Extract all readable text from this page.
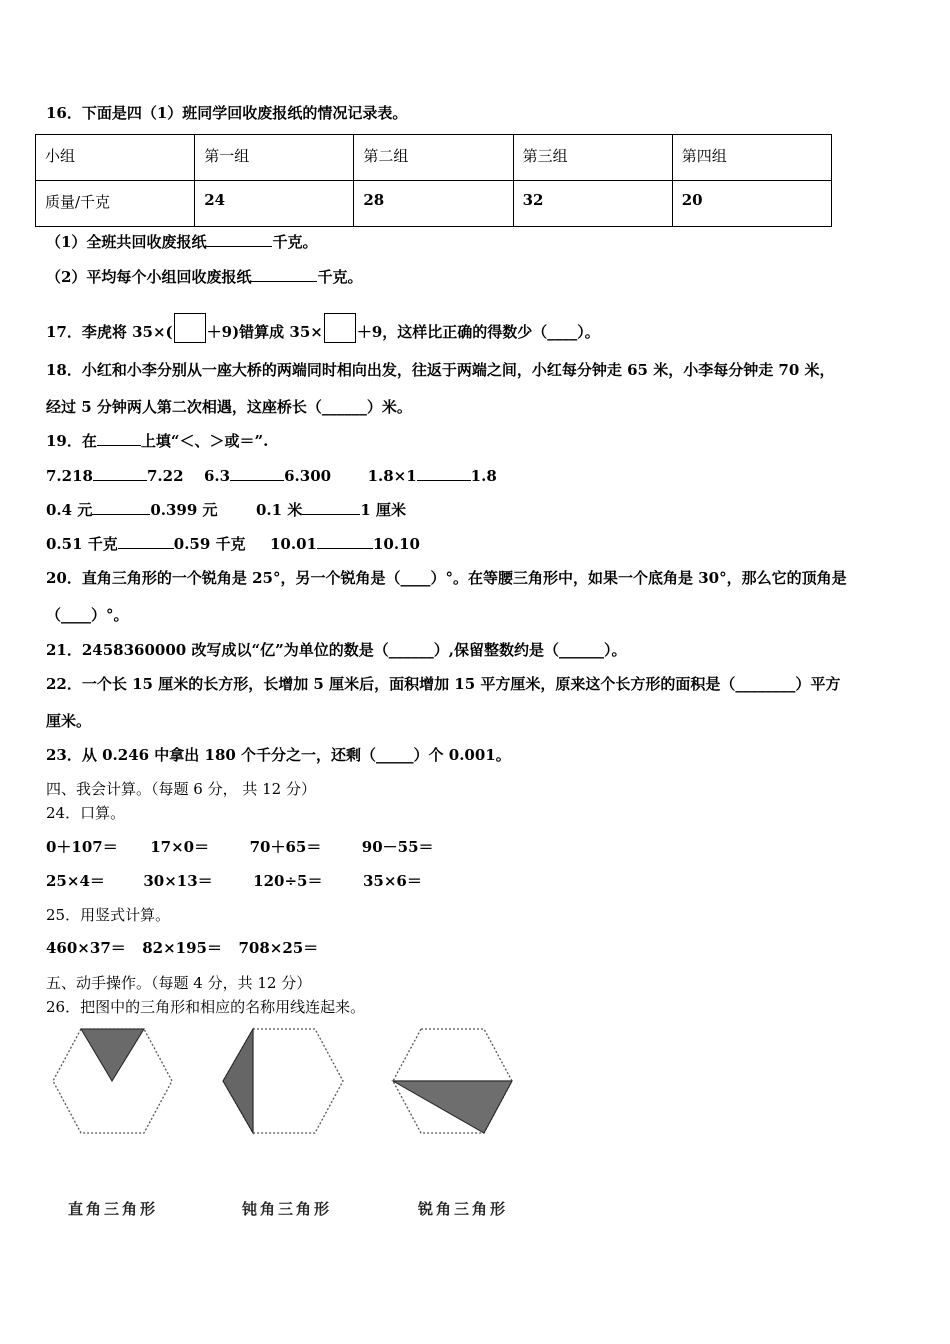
16．下面是四（1）班同学回收废报纸的情况记录表。
小组	第一组	第二组	第三组	第四组
质量/千克	24	28	32	20
（1）全班共回收废报纸	千克。
（2）平均每个小组回收废报纸	千克。
17．李虎将 35×( ＋9)错算成 35× ＋9，这样比正确的得数少（____）。
18．小红和小李分别从一座大桥的两端同时相向出发，往返于两端之间，小红每分钟走 65 米，小李每分钟走 70 米，
经过 5 分钟两人第二次相遇，这座桥长（______）米。
19．在	上填“＜、＞或＝”.
7.218	7.22 6.3	6.300 1.8×1	1.8
0.4 元	0.399 元	0.1 米	1 厘米
0.51 千克	0.59 千克 10.01	10.10
20．直角三角形的一个锐角是 25°，另一个锐角是（____）°。在等腰三角形中，如果一个底角是 30°，那么它的顶角是
（____）°。
21．2458360000 改写成以“亿”为单位的数是（______）,保留整数约是（______）。
22．一个长 15 厘米的长方形，长增加 5 厘米后，面积增加 15 平方厘米，原来这个长方形的面积是（________）平方
厘米。
23．从 0.246 中拿出 180 个千分之一，还剩（_____）个 0.001。
四、我会计算。（每题 6 分， 共 12 分）
24．口算。
0＋107＝ 17×0＝	70＋65＝	90－55＝
25×4＝	30×13＝	120÷5＝	35×6＝
25．用竖式计算。
460×37＝ 82×195＝ 708×25＝
五、动手操作。（每题 4 分，共 12 分）
26．把图中的三角形和相应的名称用线连起来。
直角三角形	钝角三角形	锐角三角形
